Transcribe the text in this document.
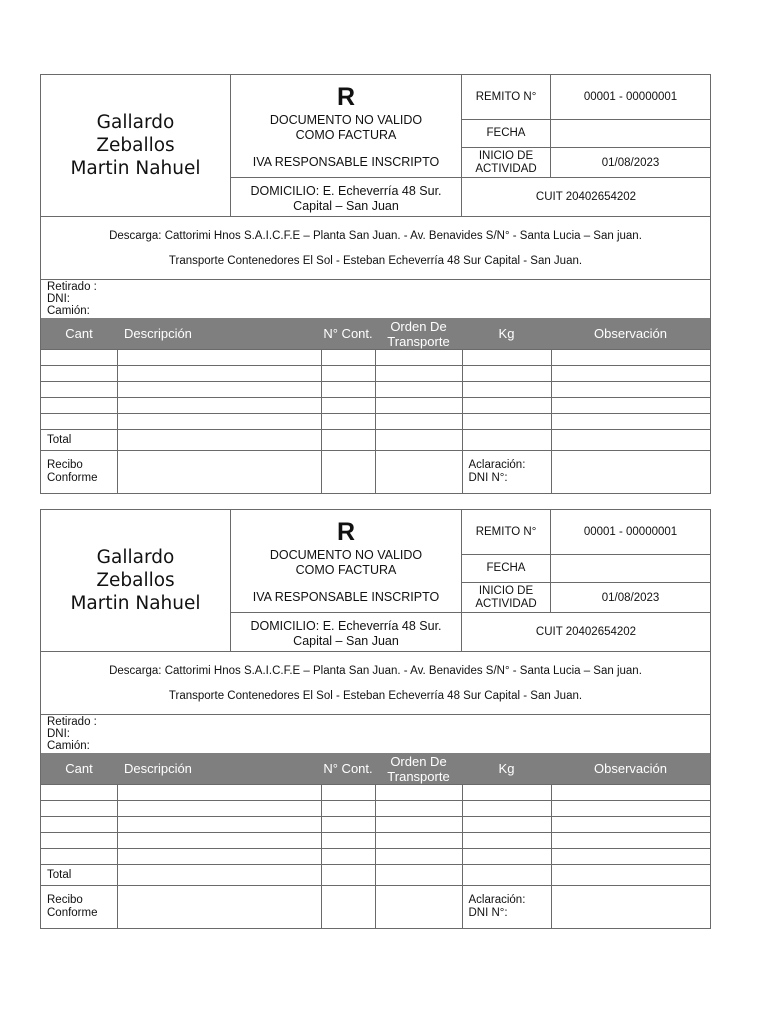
Gallardo
Zeballos
Martin Nahuel
R
DOCUMENTO NO VALIDO
COMO FACTURA
IVA RESPONSABLE INSCRIPTO
DOMICILIO: E. Echeverría 48 Sur.
Capital – San Juan
REMITO N°	00001 - 00000001
FECHA
INICIO DE
ACTIVIDAD	01/08/2023
CUIT 20402654202

Descarga: Cattorimi Hnos S.A.I.C.F.E – Planta San Juan. - Av. Benavides S/N° - Santa Lucia – San juan.

Transporte Contenedores El Sol - Esteban Echeverría 48 Sur Capital - San Juan.

Retirado :
DNI:
Camión:
Cant	Descripción	N° Cont.	Orden De Transporte	Kg	Observación

Total					

Recibo
Conforme				Aclaración:
DNI N°:	

Gallardo
Zeballos
Martin Nahuel
R
DOCUMENTO NO VALIDO
COMO FACTURA
IVA RESPONSABLE INSCRIPTO
DOMICILIO: E. Echeverría 48 Sur.
Capital – San Juan
REMITO N°	00001 - 00000001
FECHA
INICIO DE
ACTIVIDAD	01/08/2023
CUIT 20402654202

Descarga: Cattorimi Hnos S.A.I.C.F.E – Planta San Juan. - Av. Benavides S/N° - Santa Lucia – San juan.

Transporte Contenedores El Sol - Esteban Echeverría 48 Sur Capital - San Juan.

Retirado :
DNI:
Camión:
Cant	Descripción	N° Cont.	Orden De Transporte	Kg	Observación

Total					

Recibo
Conforme				Aclaración:
DNI N°:	
